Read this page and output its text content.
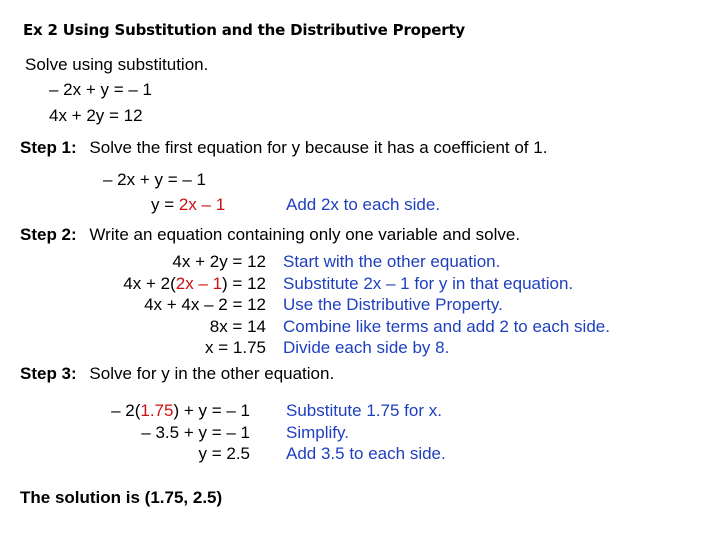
Ex 2 Using Substitution and the Distributive Property
Solve using substitution.
– 2x + y = – 1
4x + 2y = 12
Step 1: Solve the first equation for y because it has a coefficient of 1.
– 2x + y = – 1
y = 2x – 1	Add 2x to each side.
Step 2: Write an equation containing only one variable and solve.
4x + 2y = 12
4x + 2(2x – 1) = 12
4x + 4x – 2 = 12
8x = 14
x = 1.75
Start with the other equation.
Substitute 2x – 1 for y in that equation.
Use the Distributive Property.
Combine like terms and add 2 to each side.
Divide each side by 8.
Step 3: Solve for y in the other equation.
– 2(1.75) + y = – 1
– 3.5 + y = – 1
y = 2.5
Substitute 1.75 for x.
Simplify.
Add 3.5 to each side.
The solution is (1.75, 2.5)
